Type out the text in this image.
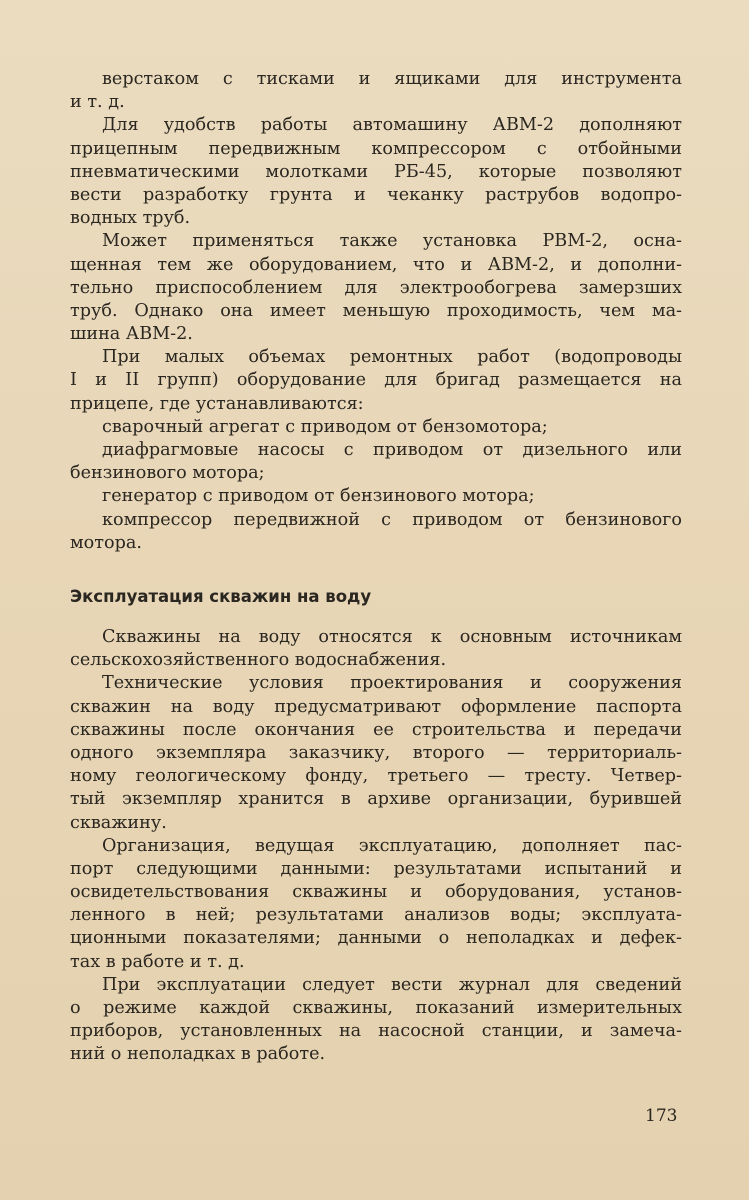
верстаком с тисками и ящиками для инструмента
и т. д.
Для удобств работы автомашину АВМ-2 дополняют
прицепным передвижным компрессором с отбойными
пневматическими молотками РБ-45, которые позволяют
вести разработку грунта и чеканку раструбов водопро-
водных труб.
Может применяться также установка РВМ-2, осна-
щенная тем же оборудованием, что и АВМ-2, и дополни-
тельно приспособлением для электрообогрева замерзших
труб. Однако она имеет меньшую проходимость, чем ма-
шина АВМ-2.
При малых объемах ремонтных работ (водопроводы
I и II групп) оборудование для бригад размещается на
прицепе, где устанавливаются:
сварочный агрегат с приводом от бензомотора;
диафрагмовые насосы с приводом от дизельного или
бензинового мотора;
генератор с приводом от бензинового мотора;
компрессор передвижной с приводом от бензинового
мотора.
Эксплуатация скважин на воду
Скважины на воду относятся к основным источникам
сельскохозяйственного водоснабжения.
Технические условия проектирования и сооружения
скважин на воду предусматривают оформление паспорта
скважины после окончания ее строительства и передачи
одного экземпляра заказчику, второго — территориаль-
ному геологическому фонду, третьего — тресту. Четвер-
тый экземпляр хранится в архиве организации, бурившей
скважину.
Организация, ведущая эксплуатацию, дополняет пас-
порт следующими данными: результатами испытаний и
освидетельствования скважины и оборудования, установ-
ленного в ней; результатами анализов воды; эксплуата-
ционными показателями; данными о неполадках и дефек-
тах в работе и т. д.
При эксплуатации следует вести журнал для сведений
о режиме каждой скважины, показаний измерительных
приборов, установленных на насосной станции, и замеча-
ний о неполадках в работе.
173
